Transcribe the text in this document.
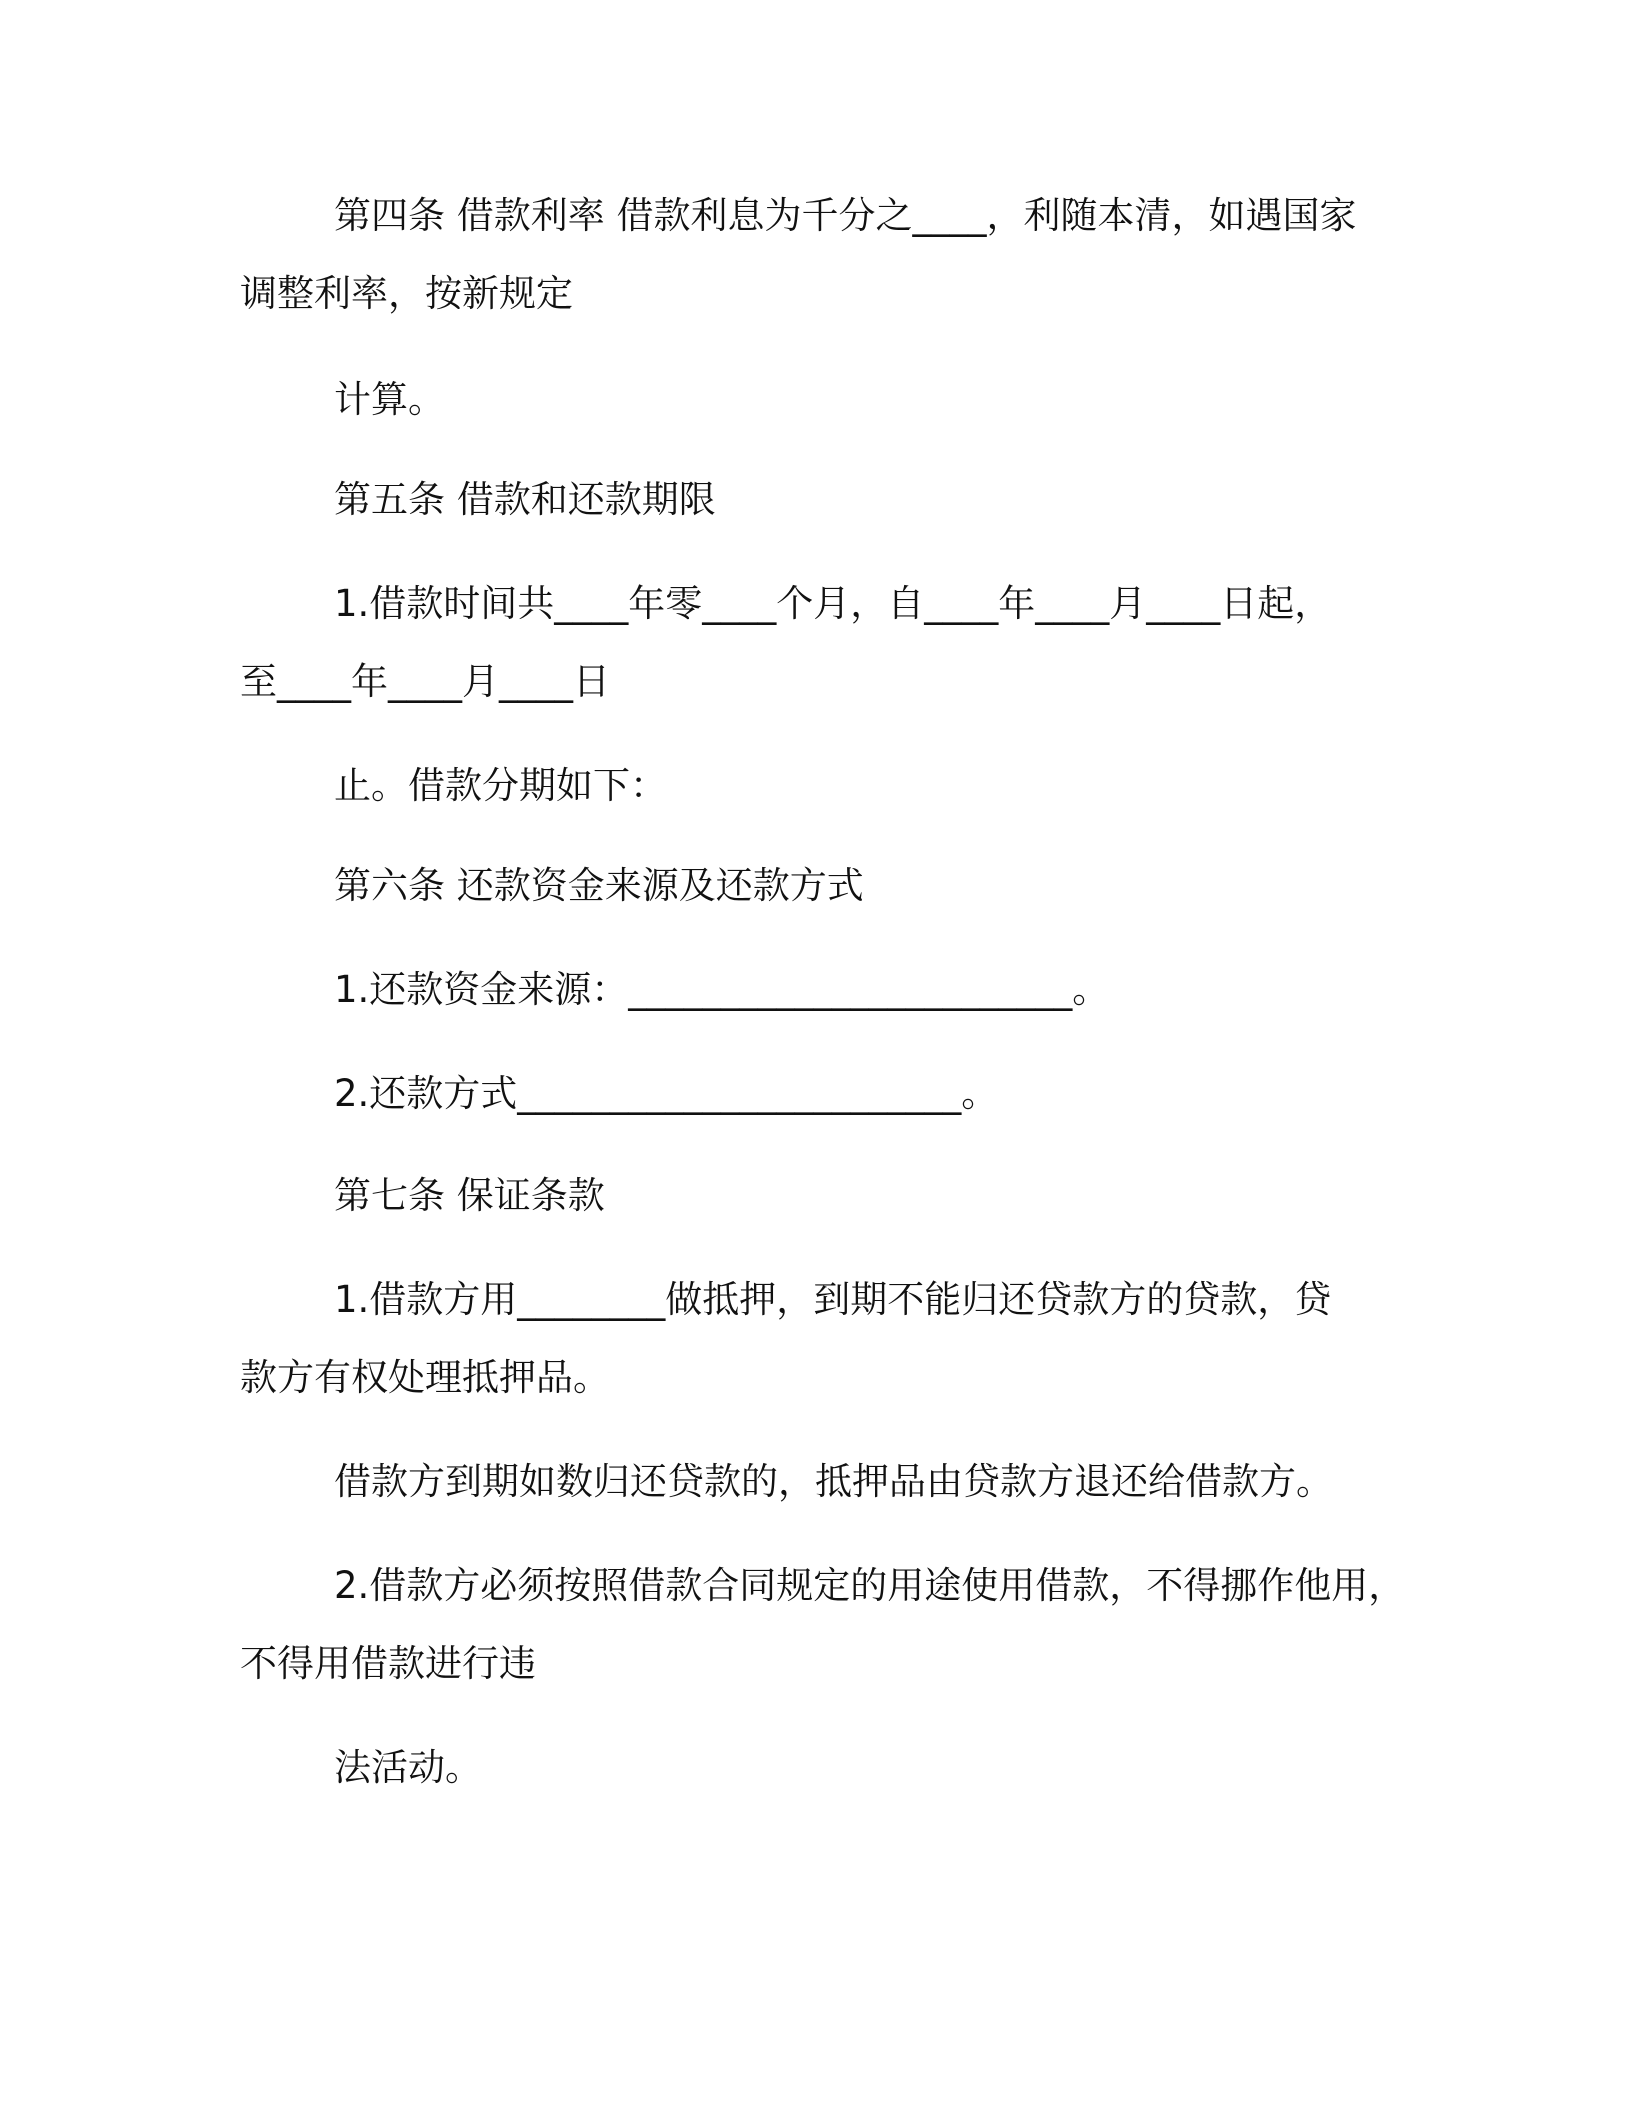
第四条 借款利率 借款利息为千分之____，利随本清，如遇国家
调整利率，按新规定
计算。
第五条 借款和还款期限
1.借款时间共____年零____个月，自____年____月____日起，
至____年____月____日
止。借款分期如下：
第六条 还款资金来源及还款方式
1.还款资金来源：________________________。
2.还款方式________________________。
第七条 保证条款
1.借款方用________做抵押，到期不能归还贷款方的贷款，贷
款方有权处理抵押品。
借款方到期如数归还贷款的，抵押品由贷款方退还给借款方。
2.借款方必须按照借款合同规定的用途使用借款，不得挪作他用，
不得用借款进行违
法活动。
